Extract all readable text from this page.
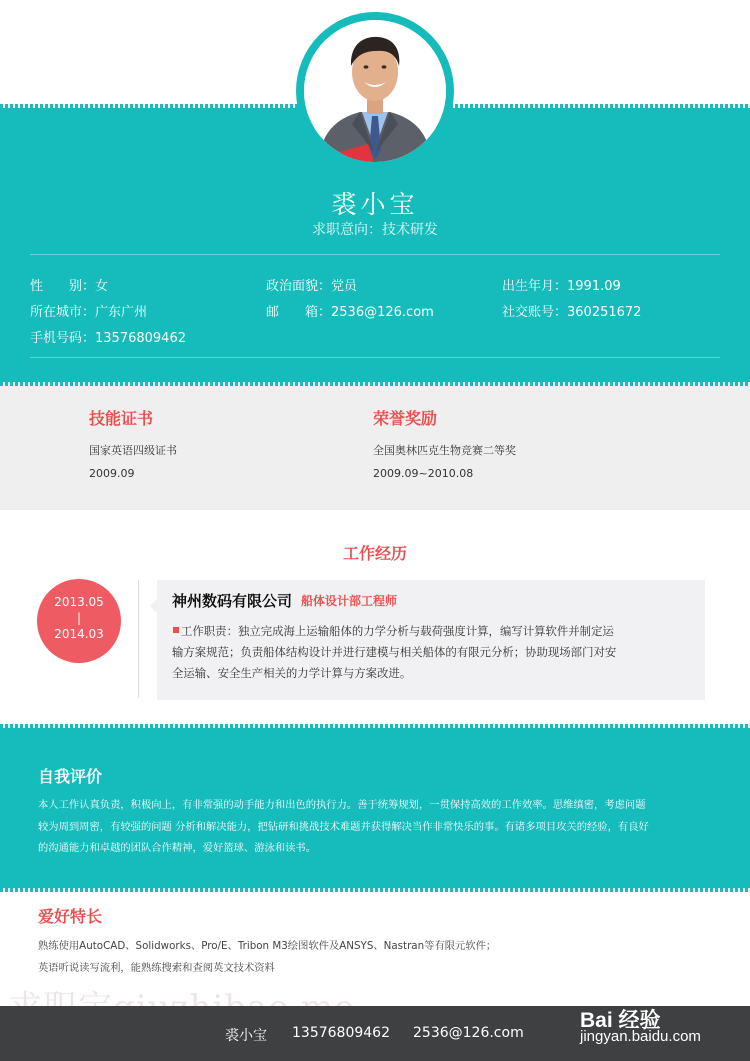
裘小宝
求职意向：技术研发
性　　别：女	政治面貌：党员	出生年月：1991.09
所在城市：广东广州	邮　　箱：2536@126.com	社交账号：360251672
手机号码：13576809462
技能证书
国家英语四级证书
2009.09
荣誉奖励
全国奥林匹克生物竞赛二等奖
2009.09~2010.08
工作经历
2013.05
|
2014.03
神州数码有限公司 船体设计部工程师
工作职责：独立完成海上运输船体的力学分析与载荷强度计算，编写计算软件并制定运
输方案规范；负责船体结构设计并进行建模与相关船体的有限元分析；协助现场部门对安
全运输、安全生产相关的力学计算与方案改进。
自我评价
本人工作认真负责，积极向上，有非常强的动手能力和出色的执行力。善于统筹规划，一贯保持高效的工作效率。思维缜密，考虑问题
较为周到周密，有较强的问题 分析和解决能力，把钻研和挑战技术难题并获得解决当作非常快乐的事。有诸多项目攻关的经验，有良好
的沟通能力和卓越的团队合作精神，爱好篮球、游泳和读书。
爱好特长
熟练使用AutoCAD、Solidworks、Pro/E、Tribon M3绘图软件及ANSYS、Nastran等有限元软件；
英语听说读写流利，能熟练搜索和查阅英文技术资料
裘小宝 13576809462 2536@126.com
Bai 经验
jingyan.baidu.com
